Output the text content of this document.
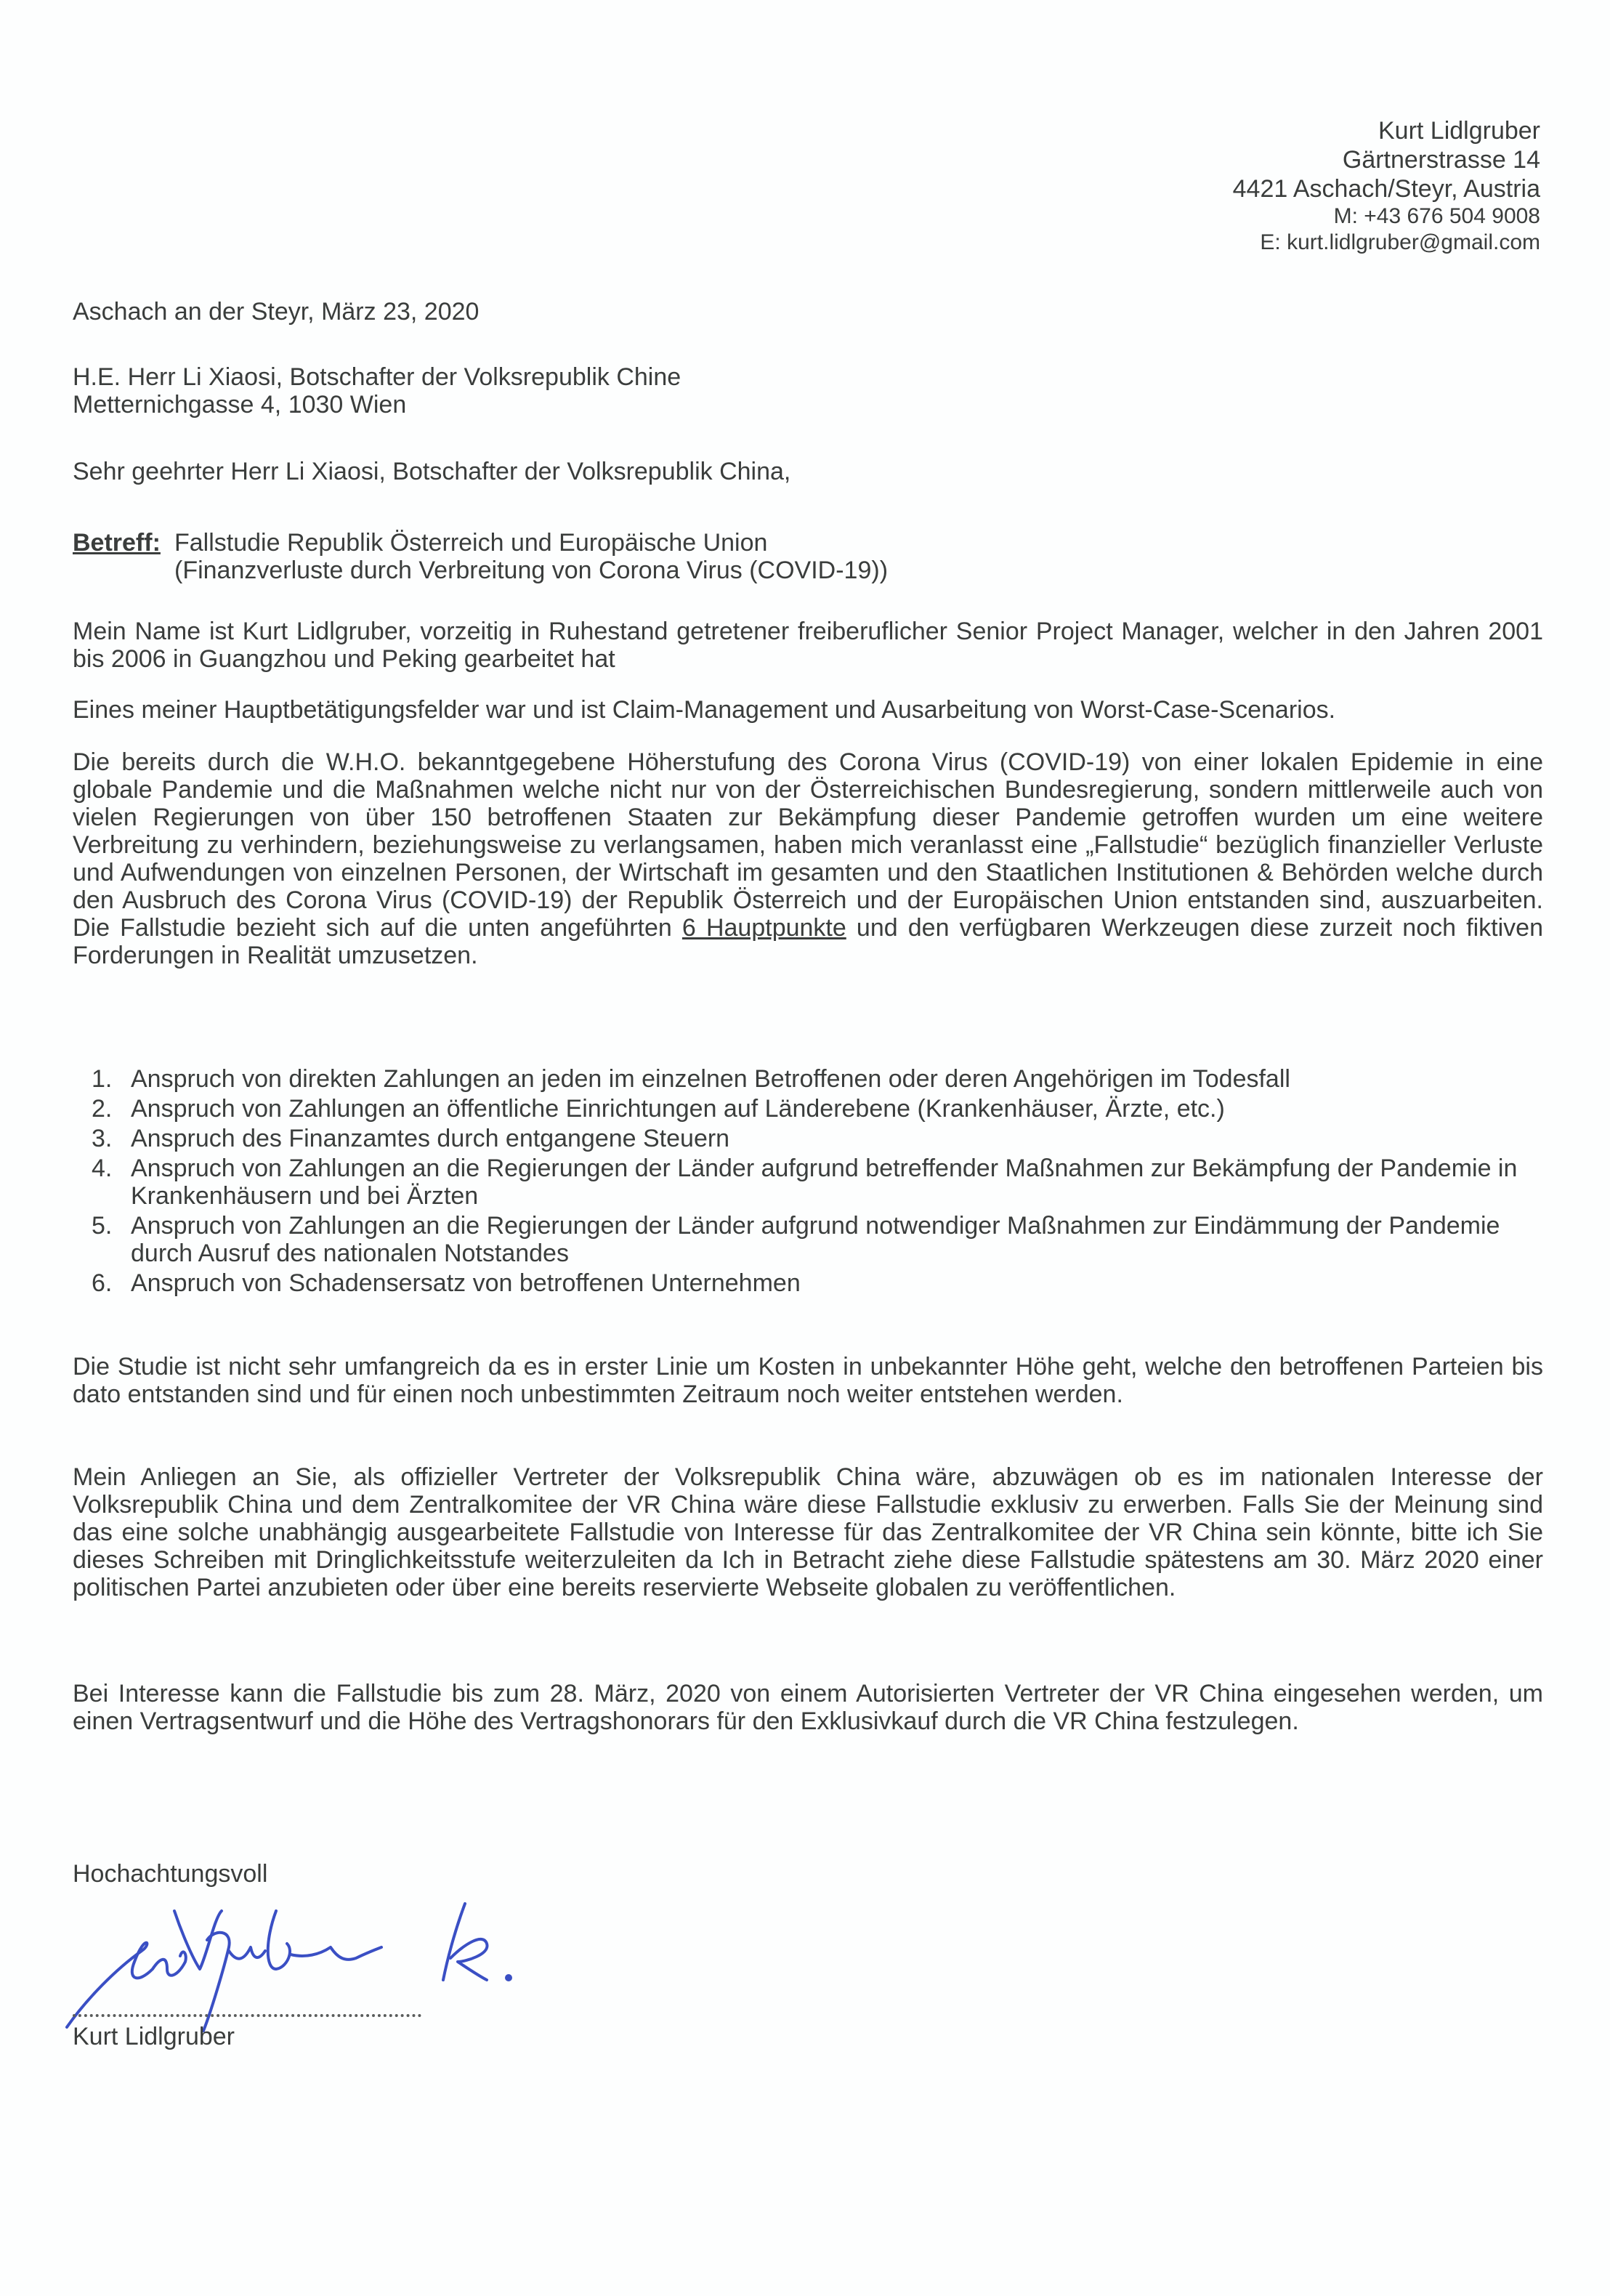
Kurt Lidlgruber
Gärtnerstrasse 14
4421 Aschach/Steyr, Austria
M: +43 676 504 9008
E: kurt.lidlgruber@gmail.com
Aschach an der Steyr, März 23, 2020
H.E. Herr Li Xiaosi, Botschafter der Volksrepublik Chine
Metternichgasse 4, 1030 Wien
Sehr geehrter Herr Li Xiaosi, Botschafter der Volksrepublik China,
Betreff: Fallstudie Republik Österreich und Europäische Union
(Finanzverluste durch Verbreitung von Corona Virus (COVID-19))
Mein Name ist Kurt Lidlgruber, vorzeitig in Ruhestand getretener freiberuflicher Senior Project Manager, welcher in den Jahren 2001 bis 2006 in Guangzhou und Peking gearbeitet hat
Eines meiner Hauptbetätigungsfelder war und ist Claim-Management und Ausarbeitung von Worst-Case-Scenarios.
Die bereits durch die W.H.O. bekanntgegebene Höherstufung des Corona Virus (COVID-19) von einer lokalen Epidemie in eine globale Pandemie und die Maßnahmen welche nicht nur von der Österreichischen Bundesregierung, sondern mittlerweile auch von vielen Regierungen von über 150 betroffenen Staaten zur Bekämpfung dieser Pandemie getroffen wurden um eine weitere Verbreitung zu verhindern, beziehungsweise zu verlangsamen, haben mich veranlasst eine „Fallstudie“ bezüglich finanzieller Verluste und Aufwendungen von einzelnen Personen, der Wirtschaft im gesamten und den Staatlichen Institutionen & Behörden welche durch den Ausbruch des Corona Virus (COVID-19) der Republik Österreich und der Europäischen Union entstanden sind, auszuarbeiten. Die Fallstudie bezieht sich auf die unten angeführten 6 Hauptpunkte und den verfügbaren Werkzeugen diese zurzeit noch fiktiven Forderungen in Realität umzusetzen.
1. Anspruch von direkten Zahlungen an jeden im einzelnen Betroffenen oder deren Angehörigen im Todesfall
2. Anspruch von Zahlungen an öffentliche Einrichtungen auf Länderebene (Krankenhäuser, Ärzte, etc.)
3. Anspruch des Finanzamtes durch entgangene Steuern
4. Anspruch von Zahlungen an die Regierungen der Länder aufgrund betreffender Maßnahmen zur Bekämpfung der Pandemie in Krankenhäusern und bei Ärzten
5. Anspruch von Zahlungen an die Regierungen der Länder aufgrund notwendiger Maßnahmen zur Eindämmung der Pandemie durch Ausruf des nationalen Notstandes
6. Anspruch von Schadensersatz von betroffenen Unternehmen
Die Studie ist nicht sehr umfangreich da es in erster Linie um Kosten in unbekannter Höhe geht, welche den betroffenen Parteien bis dato entstanden sind und für einen noch unbestimmten Zeitraum noch weiter entstehen werden.
Mein Anliegen an Sie, als offizieller Vertreter der Volksrepublik China wäre, abzuwägen ob es im nationalen Interesse der Volksrepublik China und dem Zentralkomitee der VR China wäre diese Fallstudie exklusiv zu erwerben. Falls Sie der Meinung sind das eine solche unabhängig ausgearbeitete Fallstudie von Interesse für das Zentralkomitee der VR China sein könnte, bitte ich Sie dieses Schreiben mit Dringlichkeitsstufe weiterzuleiten da Ich in Betracht ziehe diese Fallstudie spätestens am 30. März 2020 einer politischen Partei anzubieten oder über eine bereits reservierte Webseite globalen zu veröffentlichen.
Bei Interesse kann die Fallstudie bis zum 28. März, 2020 von einem Autorisierten Vertreter der VR China eingesehen werden, um einen Vertragsentwurf und die Höhe des Vertragshonorars für den Exklusivkauf durch die VR China festzulegen.
Hochachtungsvoll
Kurt Lidlgruber
